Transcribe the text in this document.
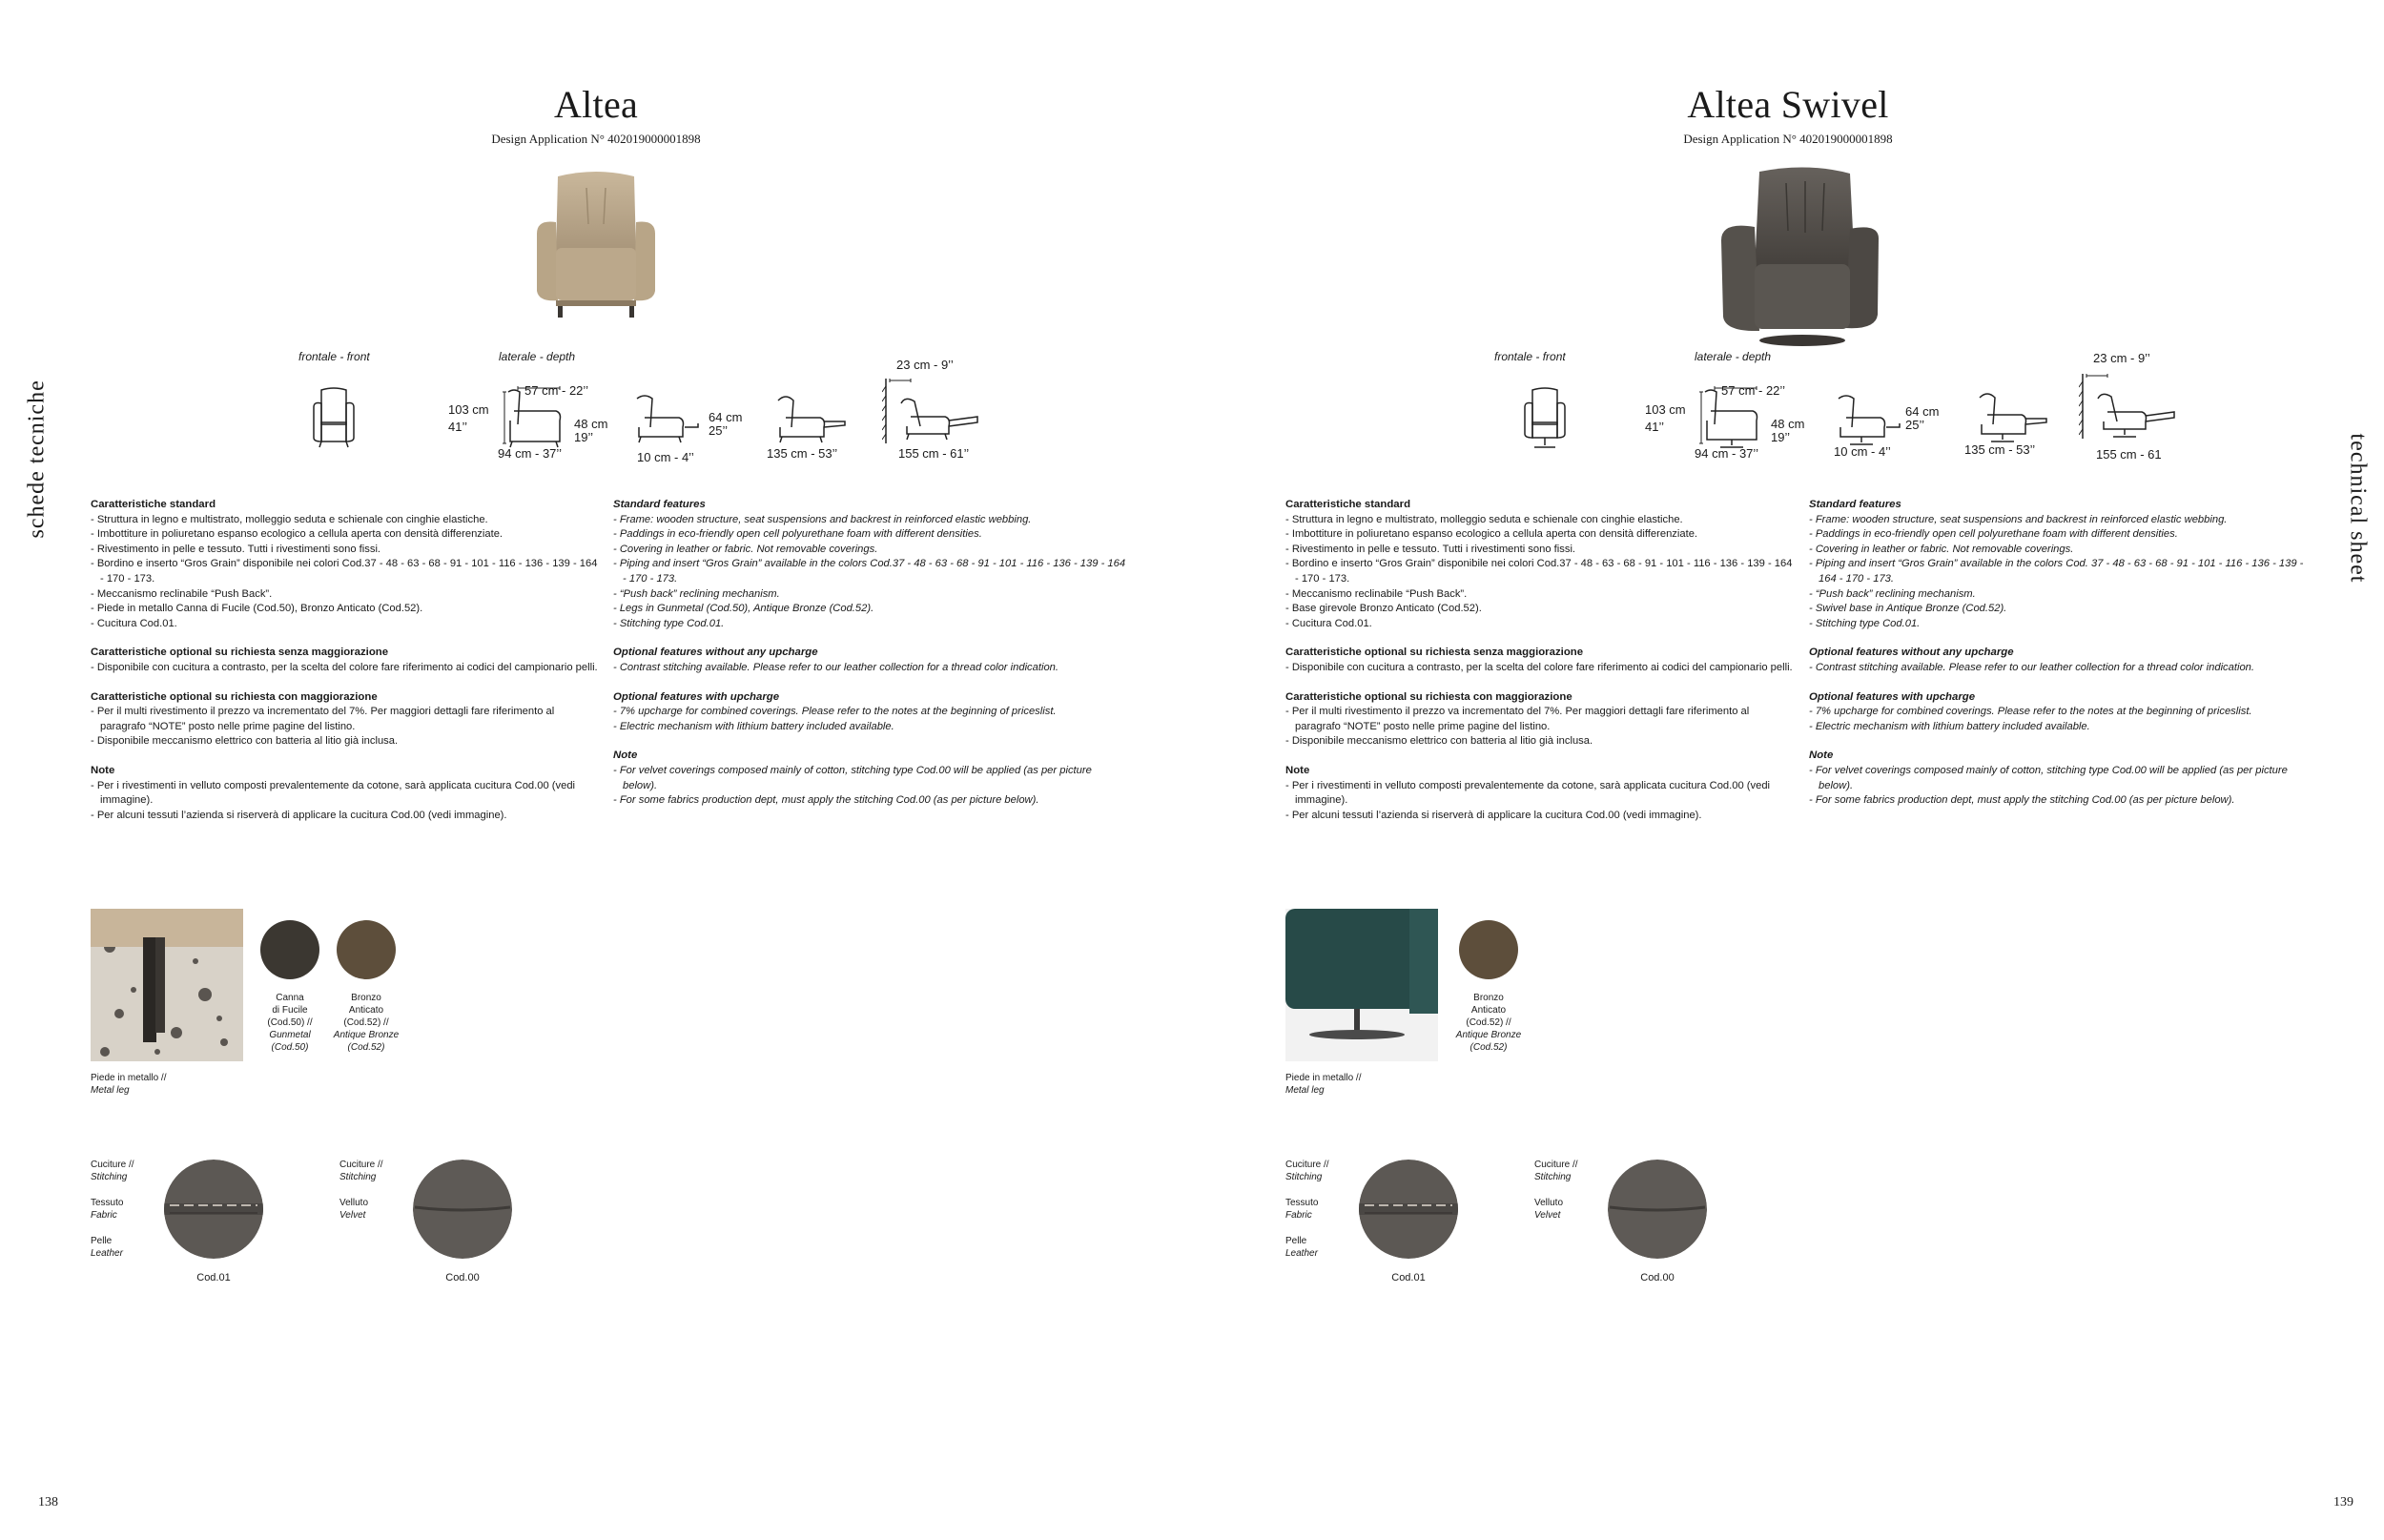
Altea
Design Application N° 402019000001898
frontale - front	laterale - depth
103 cm
41’’
57 cm - 22’’
48 cm
19’’
94 cm - 37’’
64 cm
25’’
10 cm - 4’’	135 cm - 53’’
23 cm - 9’’
155 cm - 61’’
Caratteristiche standard

- Struttura in legno e multistrato, molleggio seduta e schienale con cinghie elastiche.

- Imbottiture in poliuretano espanso ecologico a cellula aperta con densità differenziate.

- Rivestimento in pelle e tessuto. Tutti i rivestimenti sono fissi.

- Bordino e inserto “Gros Grain” disponibile nei colori Cod.37 - 48 - 63 - 68 - 91 - 101 - 116 - 136 - 139 - 164 - 170 - 173.

- Meccanismo reclinabile “Push Back”.

- Piede in metallo Canna di Fucile (Cod.50), Bronzo Anticato (Cod.52).

- Cucitura Cod.01.

Caratteristiche optional su richiesta senza maggiorazione

- Disponibile con cucitura a contrasto, per la scelta del colore fare riferimento ai codici del campionario pelli.

Caratteristiche optional su richiesta con maggiorazione

- Per il multi rivestimento il prezzo va incrementato del 7%. Per maggiori dettagli fare riferimento al paragrafo “NOTE” posto nelle prime pagine del listino.

- Disponibile meccanismo elettrico con batteria al litio già inclusa.

Note

- Per i rivestimenti in velluto composti prevalentemente da cotone, sarà applicata cucitura Cod.00 (vedi immagine).

- Per alcuni tessuti l’azienda si riserverà di applicare la cucitura Cod.00 (vedi immagine).

Standard features

- Frame: wooden structure, seat suspensions and backrest in reinforced elastic webbing.

- Paddings in eco-friendly open cell polyurethane foam with different densities.

- Covering in leather or fabric. Not removable coverings.

- Piping and insert “Gros Grain” available in the colors Cod.37 - 48 - 63 - 68 - 91 - 101 - 116 - 136 - 139 - 164 - 170 - 173.

- “Push back” reclining mechanism.

- Legs in Gunmetal (Cod.50), Antique Bronze (Cod.52).

- Stitching type Cod.01.

Optional features without any upcharge

- Contrast stitching available. Please refer to our leather collection for a thread color indication.

Optional features with upcharge

- 7% upcharge for combined coverings. Please refer to the notes at the beginning of priceslist.

- Electric mechanism with lithium battery included available.

Note

- For velvet coverings composed mainly of cotton, stitching type Cod.00 will be applied (as per picture below).

- For some fabrics production dept, must apply the stitching Cod.00 (as per picture below).

Canna
di Fucile
(Cod.50) //
Gunmetal
(Cod.50)
Bronzo
Anticato
(Cod.52) //
Antique Bronze
(Cod.52)
Piede in metallo //
Metal leg
Cuciture //
Stitching
Tessuto
Fabric
Pelle
Leather
Cod.01
Cuciture //
Stitching
Velluto
Velvet
Cod.00
schede tecniche
138
Altea Swivel
Design Application N° 402019000001898
frontale - front	laterale - depth
103 cm
41’’
57 cm - 22’’
48 cm
19’’
94 cm - 37’’
64 cm
25’’
10 cm - 4’’	135 cm - 53’’
23 cm - 9’’
155 cm - 61
Caratteristiche standard

- Struttura in legno e multistrato, molleggio seduta e schienale con cinghie elastiche.

- Imbottiture in poliuretano espanso ecologico a cellula aperta con densità differenziate.

- Rivestimento in pelle e tessuto. Tutti i rivestimenti sono fissi.

- Bordino e inserto “Gros Grain” disponibile nei colori Cod.37 - 48 - 63 - 68 - 91 - 101 - 116 - 136 - 139 - 164 - 170 - 173.

- Meccanismo reclinabile “Push Back”.

- Base girevole Bronzo Anticato (Cod.52).

- Cucitura Cod.01.

Caratteristiche optional su richiesta senza maggiorazione

- Disponibile con cucitura a contrasto, per la scelta del colore fare riferimento ai codici del campionario pelli.

Caratteristiche optional su richiesta con maggiorazione

- Per il multi rivestimento il prezzo va incrementato del 7%. Per maggiori dettagli fare riferimento al paragrafo “NOTE” posto nelle prime pagine del listino.

- Disponibile meccanismo elettrico con batteria al litio già inclusa.

Note

- Per i rivestimenti in velluto composti prevalentemente da cotone, sarà applicata cucitura Cod.00 (vedi immagine).

- Per alcuni tessuti l’azienda si riserverà di applicare la cucitura Cod.00 (vedi immagine).

Standard features

- Frame: wooden structure, seat suspensions and backrest in reinforced elastic webbing.

- Paddings in eco-friendly open cell polyurethane foam with different densities.

- Covering in leather or fabric. Not removable coverings.

- Piping and insert “Gros Grain” available in the colors Cod. 37 - 48 - 63 - 68 - 91 - 101 - 116 - 136 - 139 - 164 - 170 - 173.

- “Push back” reclining mechanism.

- Swivel base in Antique Bronze (Cod.52).

- Stitching type Cod.01.

Optional features without any upcharge

- Contrast stitching available. Please refer to our leather collection for a thread color indication.

Optional features with upcharge

- 7% upcharge for combined coverings. Please refer to the notes at the beginning of priceslist.

- Electric mechanism with lithium battery included available.

Note

- For velvet coverings composed mainly of cotton, stitching type Cod.00 will be applied (as per picture below).

- For some fabrics production dept, must apply the stitching Cod.00 (as per picture below).

Bronzo
Anticato
(Cod.52) //
Antique Bronze
(Cod.52)
Piede in metallo //
Metal leg
Cuciture //
Stitching
Tessuto
Fabric
Pelle
Leather
Cod.01
Cuciture //
Stitching
Velluto
Velvet
Cod.00
technical sheet
139
